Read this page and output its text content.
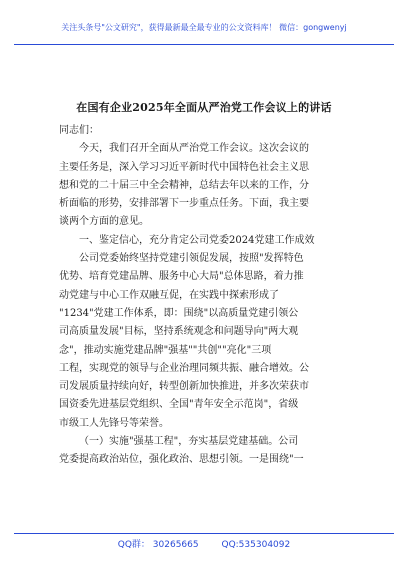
关注头条号"公文研究"，获得最新最全最专业的公文资料库！ 微信：gongwenyj
在国有企业2025年全面从严治党工作会议上的讲话
同志们：
今天，我们召开全面从严治党工作会议。这次会议的
主要任务是，深入学习习近平新时代中国特色社会主义思
想和党的二十届三中全会精神，总结去年以来的工作，分
析面临的形势，安排部署下一步重点任务。下面，我主要
谈两个方面的意见。
一、鉴定信心，充分肯定公司党委2024党建工作成效
公司党委始终坚持党建引领促发展，按照"发挥特色
优势、培育党建品牌、服务中心大局"总体思路，着力推
动党建与中心工作双融互促，在实践中探索形成了
"1234"党建工作体系，即：围绕"以高质量党建引领公
司高质量发展"目标，坚持系统观念和问题导向"两大观
念"，推动实施党建品牌"强基""共创""亮化"三项
工程，实现党的领导与企业治理同频共振、融合增效。公
司发展质量持续向好，转型创新加快推进，并多次荣获市
国资委先进基层党组织、全国"青年安全示范岗"，省级
市级工人先锋号等荣誉。
（一）实施"强基工程"，夯实基层党建基础。公司
党委提高政治站位，强化政治、思想引领。一是围绕"一
QQ群： 30265665	QQ:535304092
